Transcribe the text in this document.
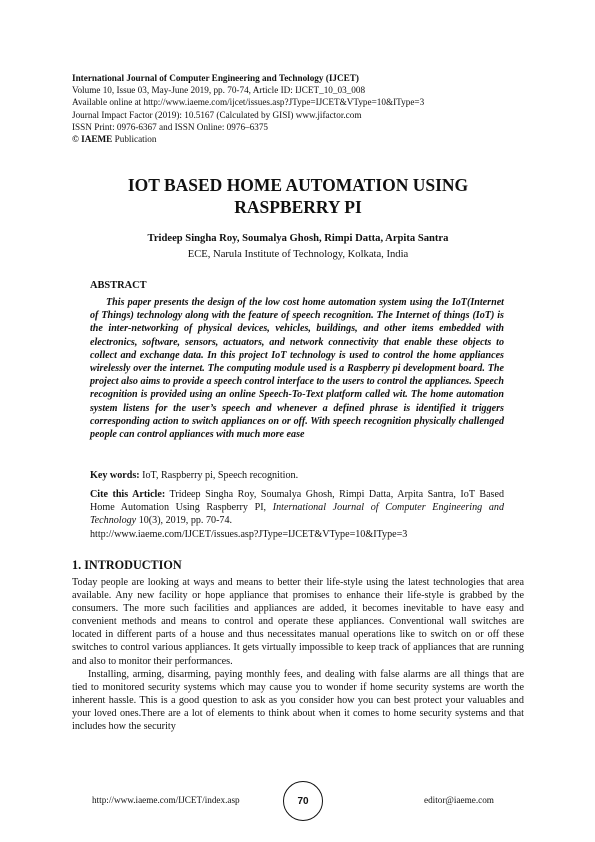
International Journal of Computer Engineering and Technology (IJCET)
Volume 10, Issue 03, May-June 2019, pp. 70-74, Article ID: IJCET_10_03_008
Available online at http://www.iaeme.com/ijcet/issues.asp?JType=IJCET&VType=10&IType=3
Journal Impact Factor (2019): 10.5167 (Calculated by GISI) www.jifactor.com
ISSN Print: 0976-6367 and ISSN Online: 0976–6375
© IAEME Publication
IOT BASED HOME AUTOMATION USING
RASPBERRY PI
Trideep Singha Roy, Soumalya Ghosh, Rimpi Datta, Arpita Santra
ECE, Narula Institute of Technology, Kolkata, India
ABSTRACT
This paper presents the design of the low cost home automation system using the IoT(Internet of Things) technology along with the feature of speech recognition. The Internet of things (IoT) is the inter-networking of physical devices, vehicles, buildings, and other items embedded with electronics, software, sensors, actuators, and network connectivity that enable these objects to collect and exchange data. In this project IoT technology is used to control the home appliances wirelessly over the internet. The computing module used is a Raspberry pi development board. The project also aims to provide a speech control interface to the users to control the appliances. Speech recognition is provided using an online Speech-To-Text platform called wit. The home automation system listens for the user’s speech and whenever a defined phrase is identified it triggers corresponding action to switch appliances on or off. With speech recognition physically challenged people can control appliances with much more ease
Key words: IoT, Raspberry pi, Speech recognition.
Cite this Article: Trideep Singha Roy, Soumalya Ghosh, Rimpi Datta, Arpita Santra, IoT Based Home Automation Using Raspberry PI, International Journal of Computer Engineering and Technology 10(3), 2019, pp. 70-74.
http://www.iaeme.com/IJCET/issues.asp?JType=IJCET&VType=10&IType=3
1. INTRODUCTION

Today people are looking at ways and means to better their life-style using the latest technologies that area available. Any new facility or hope appliance that promises to enhance their life-style is grabbed by the consumers. The more such facilities and appliances are added, it becomes inevitable to have easy and convenient methods and means to control and operate these appliances. Conventional wall switches are located in different parts of a house and thus necessitates manual operations like to switch on or off these switches to control various appliances. It gets virtually impossible to keep track of appliances that are running and also to monitor their performances.

Installing, arming, disarming, paying monthly fees, and dealing with false alarms are all things that are tied to monitored security systems which may cause you to wonder if home security systems are worth the inherent hassle. This is a good question to ask as you consider how you can best protect your valuables and your loved ones.There are a lot of elements to think about when it comes to home security systems and that includes how the security

http://www.iaeme.com/IJCET/index.asp	70	editor@iaeme.com
